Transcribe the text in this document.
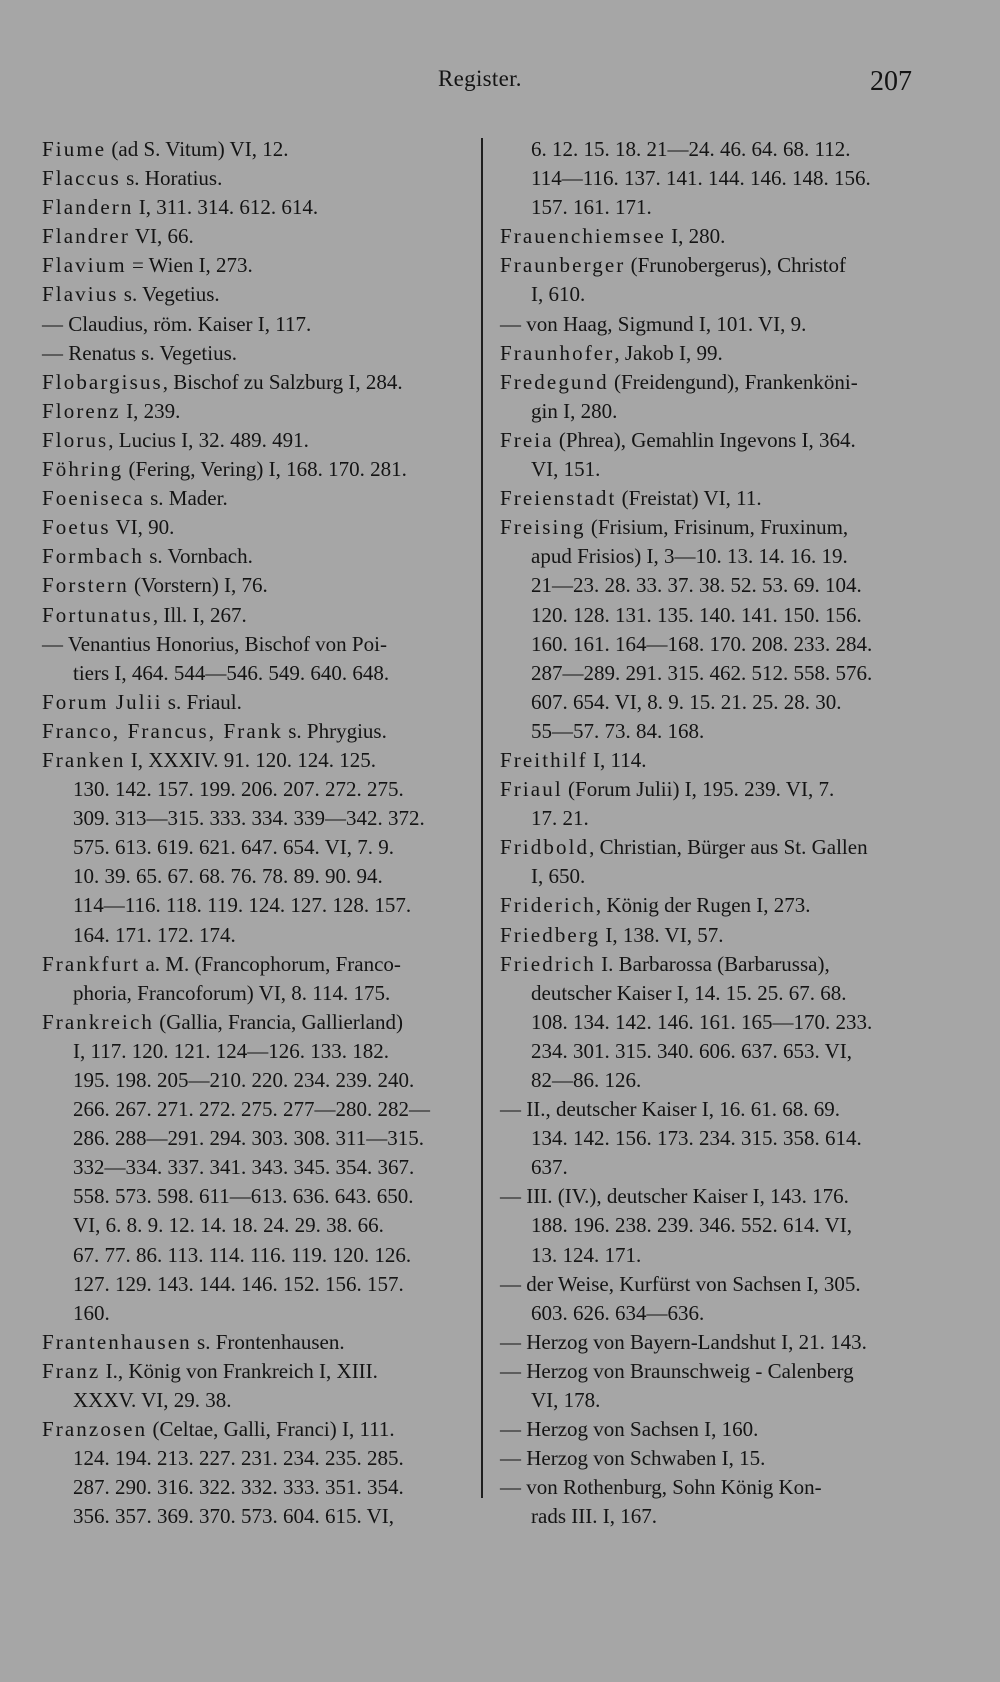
Register.	207
Fiume (ad S. Vitum) VI, 12.
Flaccus s. Horatius.
Flandern I, 311. 314. 612. 614.
Flandrer VI, 66.
Flavium = Wien I, 273.
Flavius s. Vegetius.
— Claudius, röm. Kaiser I, 117.
— Renatus s. Vegetius.
Flobargisus, Bischof zu Salzburg I, 284.
Florenz I, 239.
Florus, Lucius I, 32. 489. 491.
Föhring (Fering, Vering) I, 168. 170. 281.
Foeniseca s. Mader.
Foetus VI, 90.
Formbach s. Vornbach.
Forstern (Vorstern) I, 76.
Fortunatus, Ill. I, 267.
— Venantius Honorius, Bischof von Poi-
tiers I, 464. 544—546. 549. 640. 648.
Forum Julii s. Friaul.
Franco, Francus, Frank s. Phrygius.
Franken I, XXXIV. 91. 120. 124. 125.
130. 142. 157. 199. 206. 207. 272. 275.
309. 313—315. 333. 334. 339—342. 372.
575. 613. 619. 621. 647. 654. VI, 7. 9.
10. 39. 65. 67. 68. 76. 78. 89. 90. 94.
114—116. 118. 119. 124. 127. 128. 157.
164. 171. 172. 174.
Frankfurt a. M. (Francophorum, Franco-
phoria, Francoforum) VI, 8. 114. 175.
Frankreich (Gallia, Francia, Gallierland)
I, 117. 120. 121. 124—126. 133. 182.
195. 198. 205—210. 220. 234. 239. 240.
266. 267. 271. 272. 275. 277—280. 282—
286. 288—291. 294. 303. 308. 311—315.
332—334. 337. 341. 343. 345. 354. 367.
558. 573. 598. 611—613. 636. 643. 650.
VI, 6. 8. 9. 12. 14. 18. 24. 29. 38. 66.
67. 77. 86. 113. 114. 116. 119. 120. 126.
127. 129. 143. 144. 146. 152. 156. 157.
160.
Frantenhausen s. Frontenhausen.
Franz I., König von Frankreich I, XIII.
XXXV. VI, 29. 38.
Franzosen (Celtae, Galli, Franci) I, 111.
124. 194. 213. 227. 231. 234. 235. 285.
287. 290. 316. 322. 332. 333. 351. 354.
356. 357. 369. 370. 573. 604. 615. VI,
6. 12. 15. 18. 21—24. 46. 64. 68. 112.
114—116. 137. 141. 144. 146. 148. 156.
157. 161. 171.
Frauenchiemsee I, 280.
Fraunberger (Frunobergerus), Christof
I, 610.
— von Haag, Sigmund I, 101. VI, 9.
Fraunhofer, Jakob I, 99.
Fredegund (Freidengund), Frankenköni-
gin I, 280.
Freia (Phrea), Gemahlin Ingevons I, 364.
VI, 151.
Freienstadt (Freistat) VI, 11.
Freising (Frisium, Frisinum, Fruxinum,
apud Frisios) I, 3—10. 13. 14. 16. 19.
21—23. 28. 33. 37. 38. 52. 53. 69. 104.
120. 128. 131. 135. 140. 141. 150. 156.
160. 161. 164—168. 170. 208. 233. 284.
287—289. 291. 315. 462. 512. 558. 576.
607. 654. VI, 8. 9. 15. 21. 25. 28. 30.
55—57. 73. 84. 168.
Freithilf I, 114.
Friaul (Forum Julii) I, 195. 239. VI, 7.
17. 21.
Fridbold, Christian, Bürger aus St. Gallen
I, 650.
Friderich, König der Rugen I, 273.
Friedberg I, 138. VI, 57.
Friedrich I. Barbarossa (Barbarussa),
deutscher Kaiser I, 14. 15. 25. 67. 68.
108. 134. 142. 146. 161. 165—170. 233.
234. 301. 315. 340. 606. 637. 653. VI,
82—86. 126.
— II., deutscher Kaiser I, 16. 61. 68. 69.
134. 142. 156. 173. 234. 315. 358. 614.
637.
— III. (IV.), deutscher Kaiser I, 143. 176.
188. 196. 238. 239. 346. 552. 614. VI,
13. 124. 171.
— der Weise, Kurfürst von Sachsen I, 305.
603. 626. 634—636.
— Herzog von Bayern-Landshut I, 21. 143.
— Herzog von Braunschweig - Calenberg
VI, 178.
— Herzog von Sachsen I, 160.
— Herzog von Schwaben I, 15.
— von Rothenburg, Sohn König Kon-
rads III. I, 167.
